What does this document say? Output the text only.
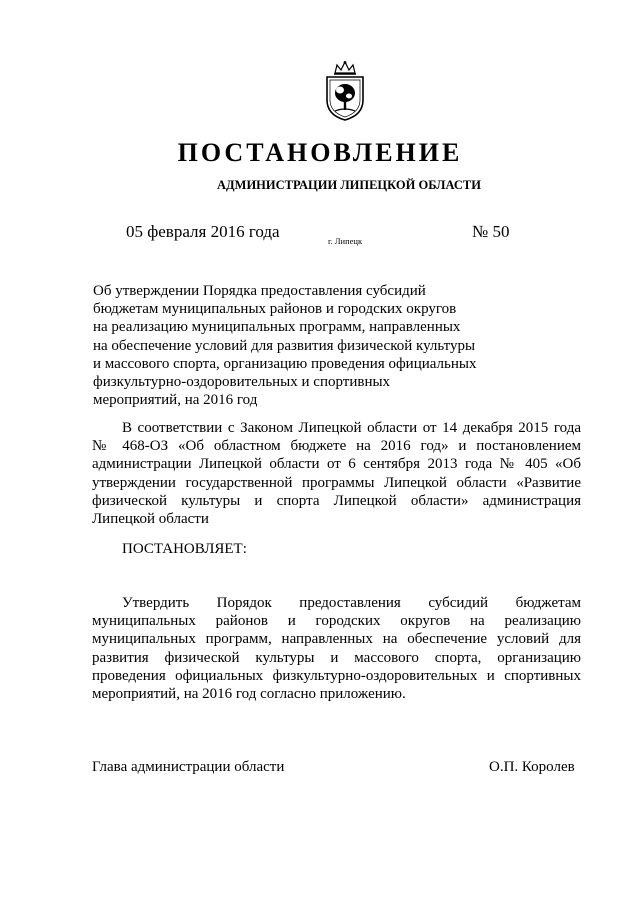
ПОСТАНОВЛЕНИЕ
АДМИНИСТРАЦИИ ЛИПЕЦКОЙ ОБЛАСТИ
05 февраля 2016 года	г. Липецк	№ 50
Об утверждении Порядка предоставления субсидий
бюджетам муниципальных районов и городских округов
на реализацию муниципальных программ, направленных
на обеспечение условий для развития физической культуры
и массового спорта, организацию проведения официальных
физкультурно-оздоровительных и спортивных
мероприятий, на 2016 год

В соответствии с Законом Липецкой области от 14 декабря 2015 года № 468-ОЗ «Об областном бюджете на 2016 год» и постановлением администрации Липецкой области от 6 сентября 2013 года № 405 «Об утверждении государственной программы Липецкой области «Развитие физической культуры и спорта Липецкой области» администрация Липецкой области

ПОСТАНОВЛЯЕТ:

Утвердить Порядок предоставления субсидий бюджетам муниципальных районов и городских округов на реализацию муниципальных программ, направленных на обеспечение условий для развития физической культуры и массового спорта, организацию проведения официальных физкультурно-оздоровительных и спортивных мероприятий, на 2016 год согласно приложению.

Глава администрации области	О.П. Королев
